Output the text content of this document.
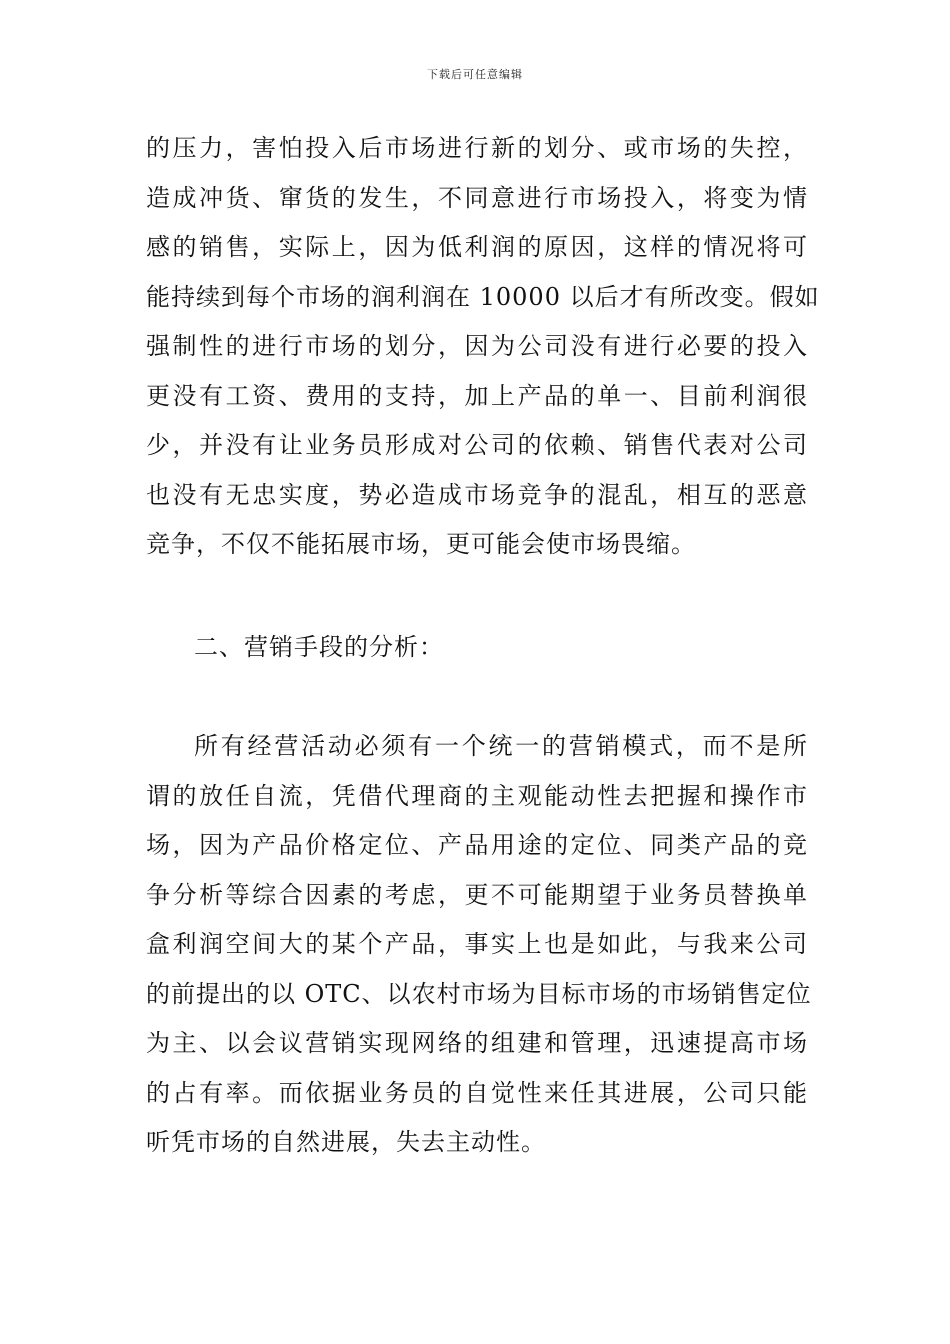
下载后可任意编辑
的压力，害怕投入后市场进行新的划分、或市场的失控，
造成冲货、窜货的发生，不同意进行市场投入，将变为情
感的销售，实际上，因为低利润的原因，这样的情况将可
能持续到每个市场的润利润在 10000 以后才有所改变。假如
强制性的进行市场的划分，因为公司没有进行必要的投入
更没有工资、费用的支持，加上产品的单一、目前利润很
少，并没有让业务员形成对公司的依赖、销售代表对公司
也没有无忠实度，势必造成市场竞争的混乱，相互的恶意
竞争，不仅不能拓展市场，更可能会使市场畏缩。
二、营销手段的分析：
所有经营活动必须有一个统一的营销模式，而不是所
谓的放任自流，凭借代理商的主观能动性去把握和操作市
场，因为产品价格定位、产品用途的定位、同类产品的竞
争分析等综合因素的考虑，更不可能期望于业务员替换单
盒利润空间大的某个产品，事实上也是如此，与我来公司
的前提出的以 OTC、以农村市场为目标市场的市场销售定位
为主、以会议营销实现网络的组建和管理，迅速提高市场
的占有率。而依据业务员的自觉性来任其进展，公司只能
听凭市场的自然进展，失去主动性。
